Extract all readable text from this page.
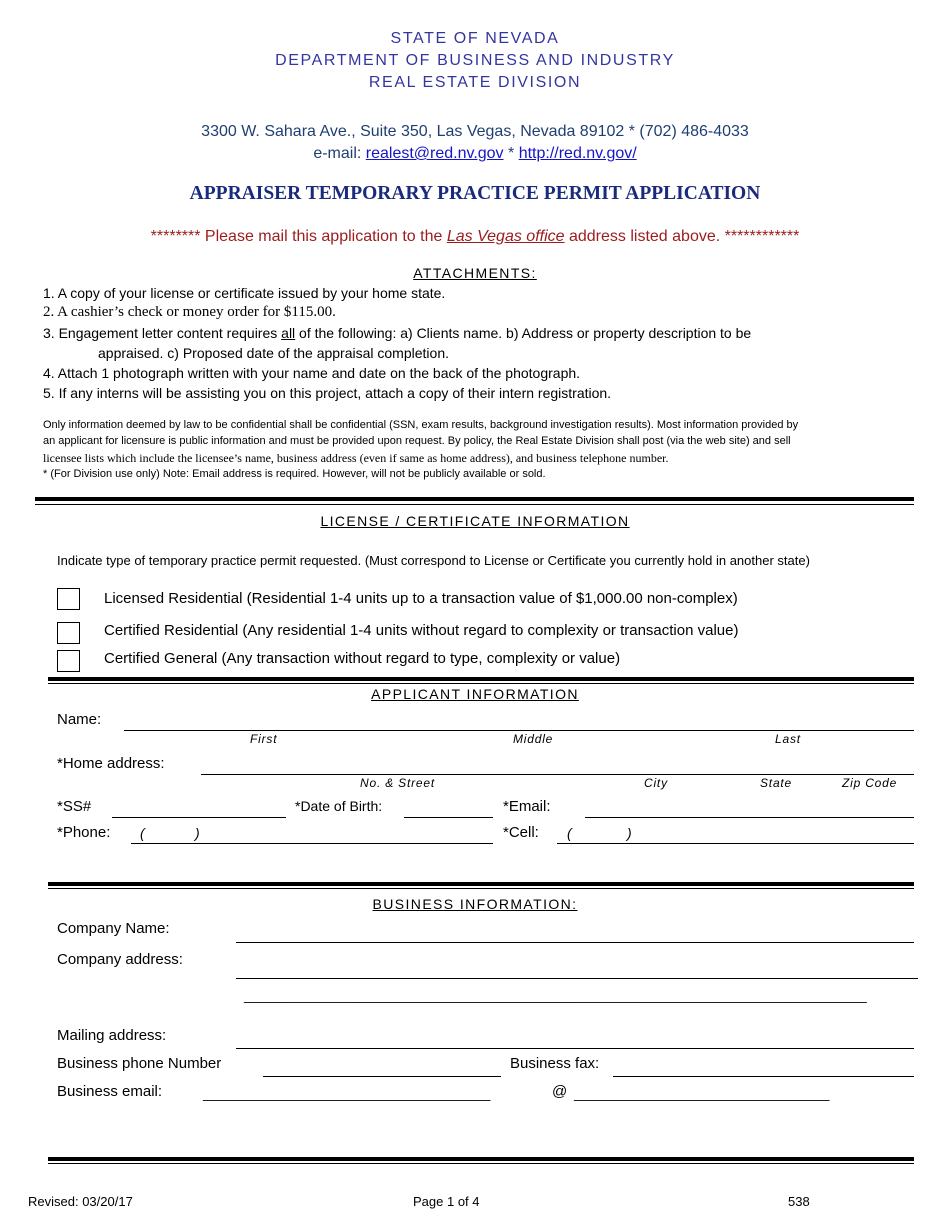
STATE OF NEVADA
DEPARTMENT OF BUSINESS AND INDUSTRY
REAL ESTATE DIVISION
3300 W. Sahara Ave., Suite 350, Las Vegas, Nevada 89102 * (702) 486-4033
e-mail: realest@red.nv.gov * http://red.nv.gov/
APPRAISER TEMPORARY PRACTICE PERMIT APPLICATION
******** Please mail this application to the Las Vegas office address listed above. ************
ATTACHMENTS:
1. A copy of your license or certificate issued by your home state.
2. A cashier’s check or money order for $115.00.
3. Engagement letter content requires all of the following: a) Clients name. b) Address or property description to be
appraised. c) Proposed date of the appraisal completion.
4. Attach 1 photograph written with your name and date on the back of the photograph.
5. If any interns will be assisting you on this project, attach a copy of their intern registration.
Only information deemed by law to be confidential shall be confidential (SSN, exam results, background investigation results). Most information provided by
an applicant for licensure is public information and must be provided upon request. By policy, the Real Estate Division shall post (via the web site) and sell
licensee lists which include the licensee’s name, business address (even if same as home address), and business telephone number.
* (For Division use only) Note: Email address is required. However, will not be publicly available or sold.
LICENSE / CERTIFICATE INFORMATION
Indicate type of temporary practice permit requested. (Must correspond to License or Certificate you currently hold in another state)
Licensed Residential (Residential 1-4 units up to a transaction value of $1,000.00 non-complex)
Certified Residential (Any residential 1-4 units without regard to complexity or transaction value)
Certified General (Any transaction without regard to type, complexity or value)
APPLICANT INFORMATION
Name:
First	Middle	Last
*Home address:
No. & Street	City	State	Zip Code
*SS#	*Date of Birth:	*Email:
*Phone: (	)	*Cell: (	)
BUSINESS INFORMATION:
Company Name:
Company address:
______________________________________________________________________________
Mailing address:
Business phone Number	Business fax:
Business email:	____________________________________	@ ________________________________
Revised: 03/20/17	Page 1 of 4	538
